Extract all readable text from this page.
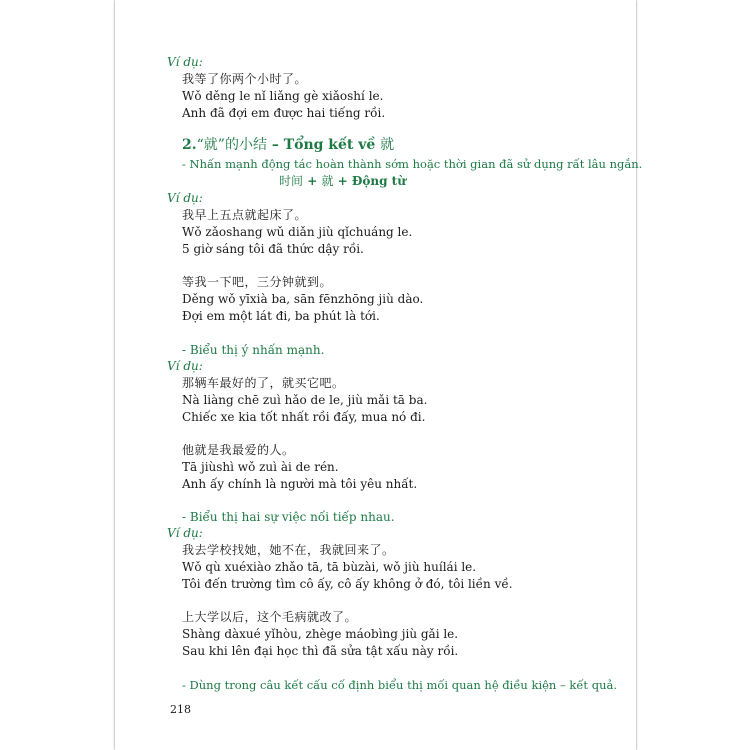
Ví dụ:

我等了你两个小时了。

Wǒ děng le nǐ liǎng gè xiǎoshí le.

Anh đã đợi em được hai tiếng rồi.

2.“就”的小结 – Tổng kết về 就

- Nhấn mạnh động tác hoàn thành sớm hoặc thời gian đã sử dụng rất lâu ngắn.

时间 + 就 + Động từ

Ví dụ:

我早上五点就起床了。

Wǒ zǎoshang wǔ diǎn jiù qǐchuáng le.

5 giờ sáng tôi đã thức dậy rồi.

等我一下吧，三分钟就到。

Děng wǒ yīxià ba, sān fēnzhōng jiù dào.

Đợi em một lát đi, ba phút là tới.

- Biểu thị ý nhấn mạnh.

Ví dụ:

那辆车最好的了，就买它吧。

Nà liàng chē zuì hǎo de le, jiù mǎi tā ba.

Chiếc xe kia tốt nhất rồi đấy, mua nó đi.

他就是我最爱的人。

Tā jiùshì wǒ zuì ài de rén.

Anh ấy chính là người mà tôi yêu nhất.

- Biểu thị hai sự việc nối tiếp nhau.

Ví dụ:

我去学校找她，她不在，我就回来了。

Wǒ qù xuéxiào zhǎo tā, tā bùzài, wǒ jiù huílái le.

Tôi đến trường tìm cô ấy, cô ấy không ở đó, tôi liền về.

上大学以后，这个毛病就改了。

Shàng dàxué yǐhòu, zhège máobìng jiù gǎi le.

Sau khi lên đại học thì đã sửa tật xấu này rồi.

- Dùng trong câu kết cấu cố định biểu thị mối quan hệ điều kiện – kết quả.

218
